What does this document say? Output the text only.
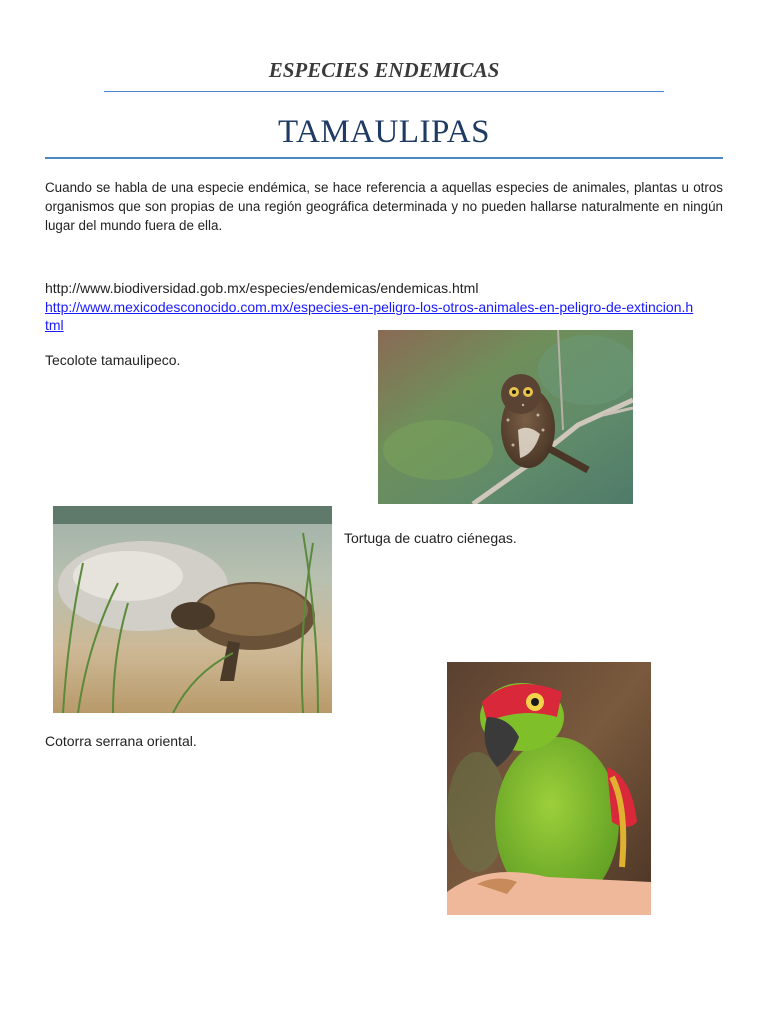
ESPECIES ENDEMICAS
TAMAULIPAS

Cuando se habla de una especie endémica, se hace referencia a aquellas especies de animales, plantas u otros organismos que son propias de una región geográfica determinada y no pueden hallarse naturalmente en ningún lugar del mundo fuera de ella.

http://www.biodiversidad.gob.mx/especies/endemicas/endemicas.html
http://www.mexicodesconocido.com.mx/especies-en-peligro-los-otros-animales-en-peligro-de-extincion.html
Tecolote tamaulipeco.
Tortuga de cuatro ciénegas.
Cotorra serrana oriental.
